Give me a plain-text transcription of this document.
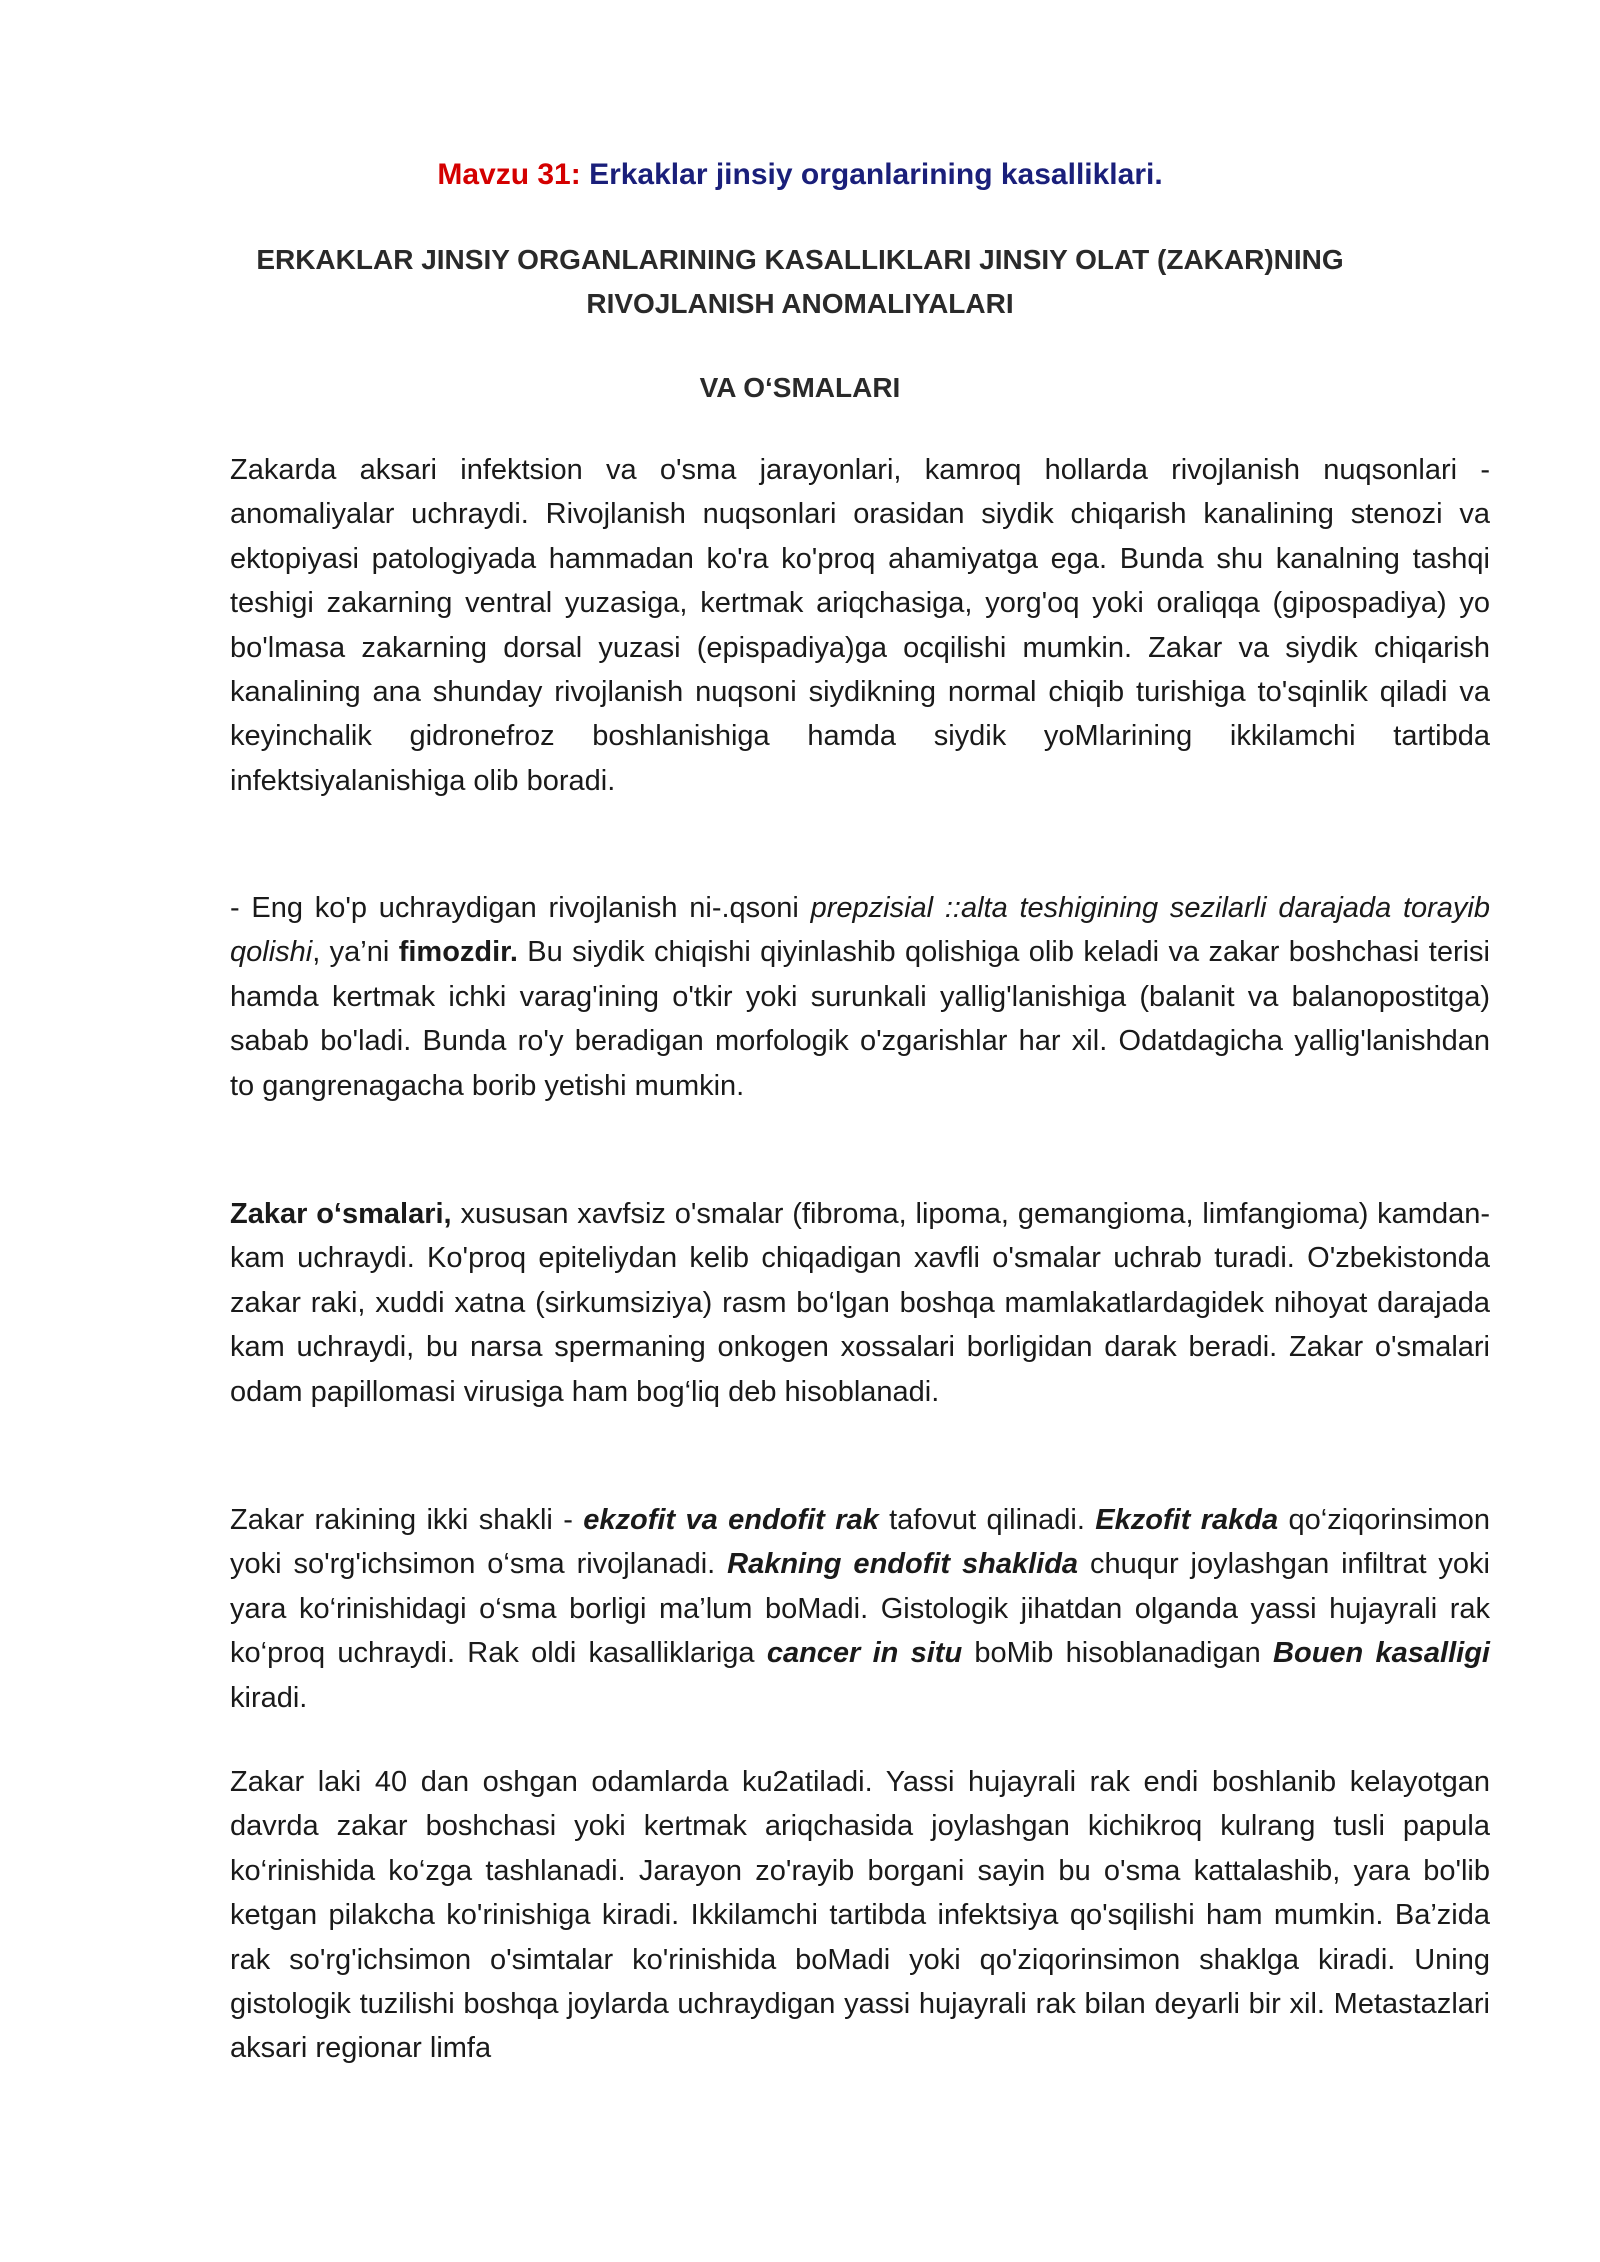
Mavzu 31: Erkaklar jinsiy organlarining kasalliklari.

ERKAKLAR JINSIY ORGANLARINING KASALLIKLARI JINSIY OLAT (ZAKAR)NING RIVOJLANISH ANOMALIYALARI

VA O‘SMALARI

Zakarda aksari infektsion va o'sma jarayonlari, kamroq hollarda rivojlanish nuqsonlari - anomaliyalar uchraydi. Rivojlanish nuqsonlari orasidan siydik chiqarish kanalining stenozi va ektopiyasi patologiyada hammadan ko'ra ko'proq ahamiyatga ega. Bunda shu kanalning tashqi teshigi zakarning ventral yuzasiga, kertmak ariqchasiga, yorg'oq yoki oraliqqa (gipospadiya) yo bo'lmasa zakarning dorsal yuzasi (epispadiya)ga ocqilishi mumkin. Zakar va siydik chiqarish kanalining ana shunday rivojlanish nuqsoni siydikning normal chiqib turishiga to'sqinlik qiladi va keyinchalik gidronefroz boshlanishiga hamda siydik yoMlarining ikkilamchi tartibda infektsiyalanishiga olib boradi.

- Eng ko'p uchraydigan rivojlanish ni-.qsoni prepzisial ::alta teshigining sezilarli darajada torayib qolishi, ya’ni fimozdir. Bu siydik chiqishi qiyinlashib qolishiga olib keladi va zakar boshchasi terisi hamda kertmak ichki varag'ining o'tkir yoki surunkali yallig'lanishiga (balanit va balanopostitga) sabab bo'ladi. Bunda ro'y beradigan morfologik o'zgarishlar har xil. Odatdagicha yallig'lanishdan to gangrenagacha borib yetishi mumkin.

Zakar o‘smalari, xususan xavfsiz o'smalar (fibroma, lipoma, gemangioma, limfangioma) kamdan-kam uchraydi. Ko'proq epiteliydan kelib chiqadigan xavfli o'smalar uchrab turadi. O'zbekistonda zakar raki, xuddi xatna (sirkumsiziya) rasm bo‘lgan boshqa mamlakatlardagidek nihoyat darajada kam uchraydi, bu narsa spermaning onkogen xossalari borligidan darak beradi. Zakar o'smalari odam papillomasi virusiga ham bog‘liq deb hisoblanadi.

Zakar rakining ikki shakli - ekzofit va endofit rak tafovut qilinadi. Ekzofit rakda qo‘ziqorinsimon yoki so'rg'ichsimon o‘sma rivojlanadi. Rakning endofit shaklida chuqur joylashgan infiltrat yoki yara ko‘rinishidagi o‘sma borligi ma’lum boMadi. Gistologik jihatdan olganda yassi hujayrali rak ko‘proq uchraydi. Rak oldi kasalliklariga cancer in situ boMib hisoblanadigan Bouen kasalligi kiradi.

Zakar laki 40 dan oshgan odamlarda ku2atiladi. Yassi hujayrali rak endi boshlanib kelayotgan davrda zakar boshchasi yoki kertmak ariqchasida joylashgan kichikroq kulrang tusli papula ko‘rinishida ko‘zga tashlanadi. Jarayon zo'rayib borgani sayin bu o'sma kattalashib, yara bo'lib ketgan pilakcha ko'rinishiga kiradi. Ikkilamchi tartibda infektsiya qo'sqilishi ham mumkin. Ba’zida rak so'rg'ichsimon o'simtalar ko'rinishida boMadi yoki qo'ziqorinsimon shaklga kiradi. Uning gistologik tuzilishi boshqa joylarda uchraydigan yassi hujayrali rak bilan deyarli bir xil. Metastazlari aksari regionar limfa
